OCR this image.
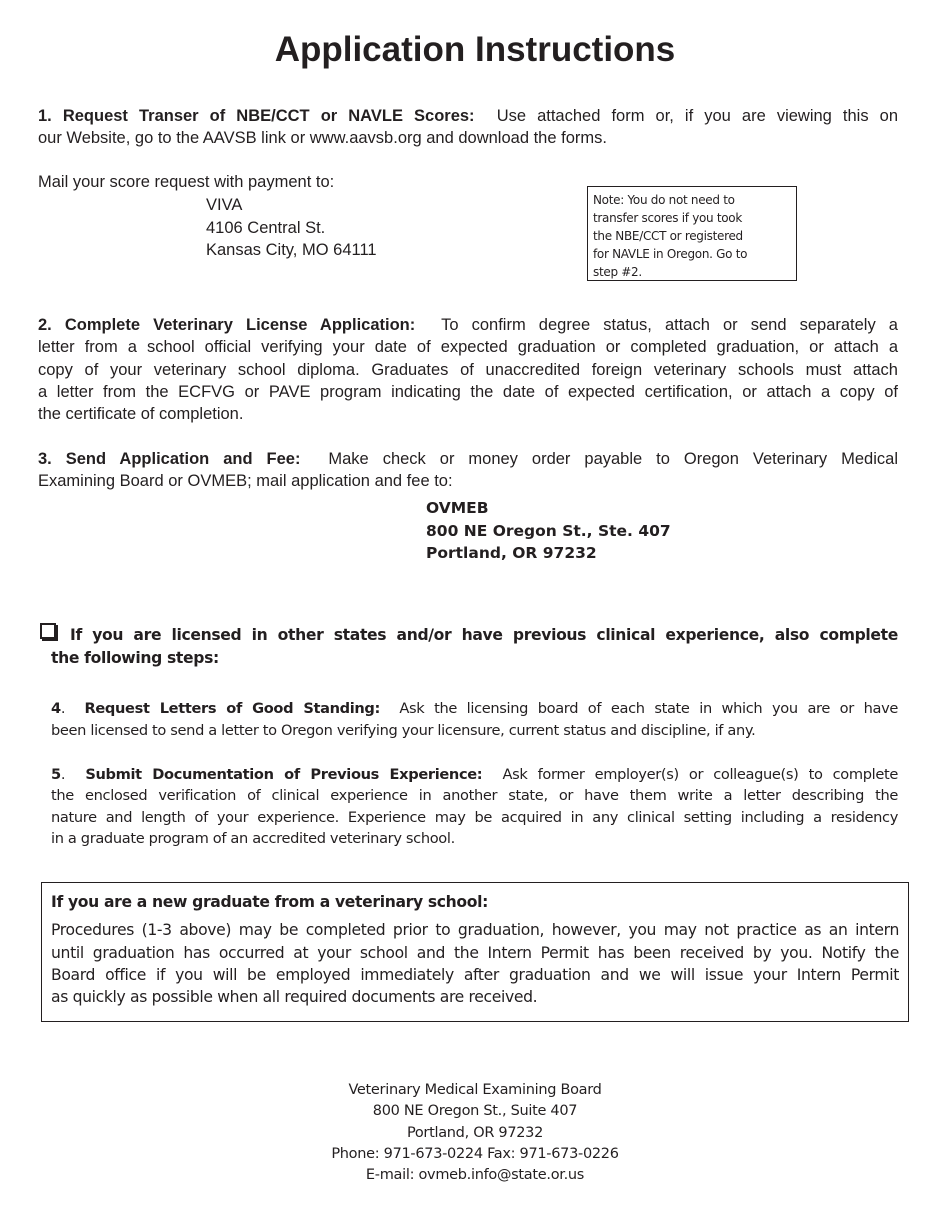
Application Instructions
1. Request Transer of NBE/CCT or NAVLE Scores: Use attached form or, if you are viewing this on
our Website, go to the AAVSB link or www.aavsb.org and download the forms.
Mail your score request with payment to:
VIVA
4106 Central St.
Kansas City, MO 64111
Note: You do not need to
transfer scores if you took
the NBE/CCT or registered
for NAVLE in Oregon. Go to
step #2.
2. Complete Veterinary License Application: To confirm degree status, attach or send separately a
letter from a school official verifying your date of expected graduation or completed graduation, or attach a
copy of your veterinary school diploma. Graduates of unaccredited foreign veterinary schools must attach
a letter from the ECFVG or PAVE program indicating the date of expected certification, or attach a copy of
the certificate of completion.
3. Send Application and Fee: Make check or money order payable to Oregon Veterinary Medical
Examining Board or OVMEB; mail application and fee to:
OVMEB
800 NE Oregon St., Ste. 407
Portland, OR 97232
If you are licensed in other states and/or have previous clinical experience, also complete
the following steps:
4.  Request Letters of Good Standing: Ask the licensing board of each state in which you are or have
been licensed to send a letter to Oregon verifying your licensure, current status and discipline, if any.
5.  Submit Documentation of Previous Experience: Ask former employer(s) or colleague(s) to complete
the enclosed verification of clinical experience in another state, or have them write a letter describing the
nature and length of your experience. Experience may be acquired in any clinical setting including a residency
in a graduate program of an accredited veterinary school.
If you are a new graduate from a veterinary school:
Procedures (1-3 above) may be completed prior to graduation, however, you may not practice as an intern
until graduation has occurred at your school and the Intern Permit has been received by you. Notify the
Board office if you will be employed immediately after graduation and we will issue your Intern Permit
as quickly as possible when all required documents are received.
Veterinary Medical Examining Board
800 NE Oregon St., Suite 407
Portland, OR 97232
Phone: 971-673-0224 Fax: 971-673-0226
E-mail: ovmeb.info@state.or.us
